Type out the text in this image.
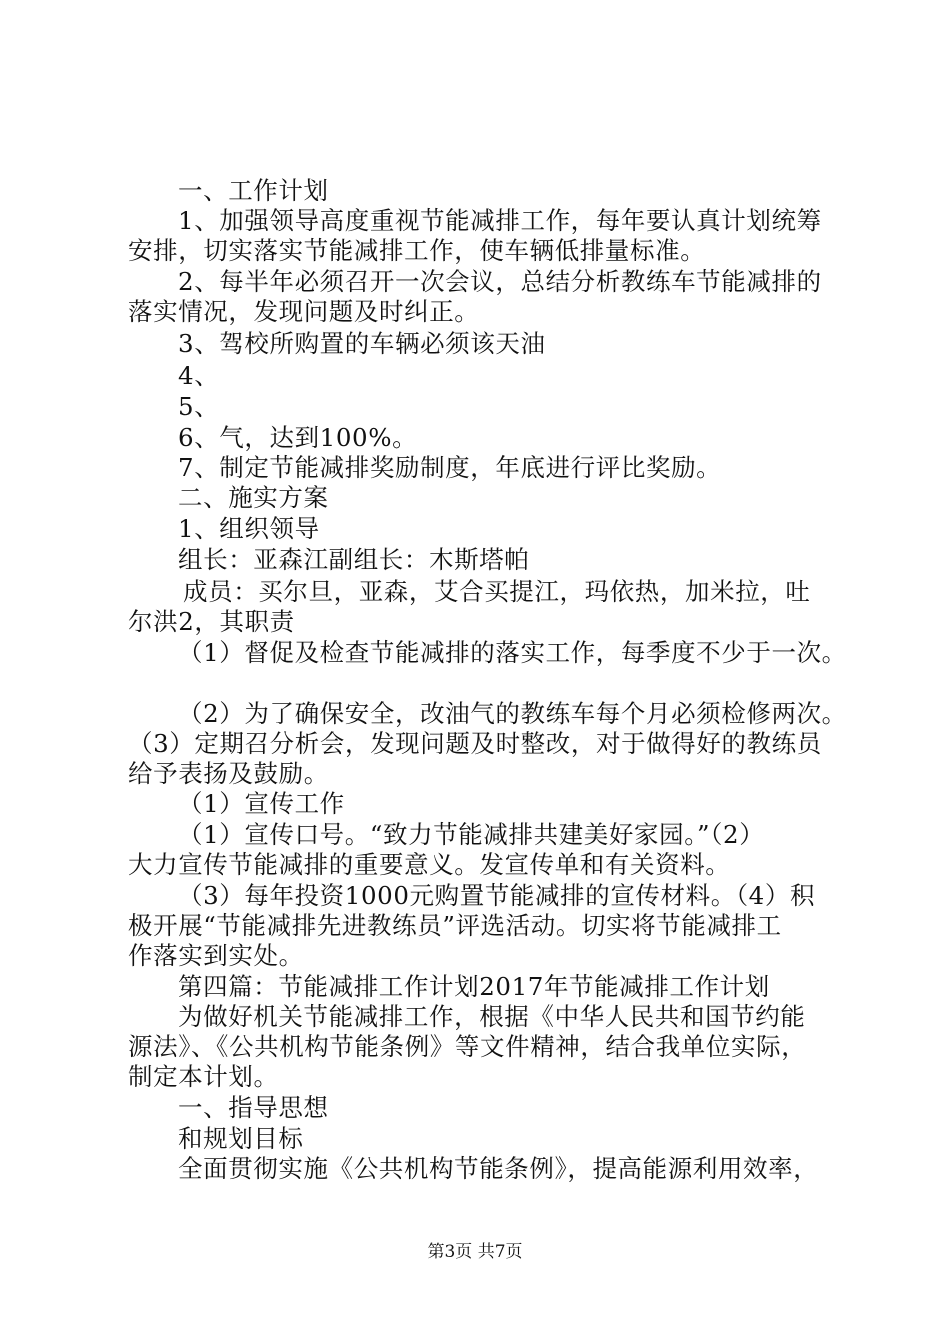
一、工作计划
1、加强领导高度重视节能减排工作，每年要认真计划统筹
安排，切实落实节能减排工作，使车辆低排量标准。
2、每半年必须召开一次会议，总结分析教练车节能减排的
落实情况，发现问题及时纠正。
3、驾校所购置的车辆必须该天油
4、
5、
6、气，达到100%。
7、制定节能减排奖励制度，年底进行评比奖励。
二、施实方案
1、组织领导
组长：亚森江副组长：木斯塔帕
成员：买尔旦，亚森，艾合买提江，玛依热，加米拉，吐
尔洪2，其职责
（1）督促及检查节能减排的落实工作，每季度不少于一次。
（2）为了确保安全，改油气的教练车每个月必须检修两次。
（3）定期召分析会，发现问题及时整改，对于做得好的教练员
给予表扬及鼓励。
（1）宣传工作
（1）宣传口号。“致力节能减排共建美好家园。”（2）
大力宣传节能减排的重要意义。发宣传单和有关资料。
（3）每年投资1000元购置节能减排的宣传材料。（4）积
极开展“节能减排先进教练员”评选活动。切实将节能减排工
作落实到实处。
第四篇：节能减排工作计划2017年节能减排工作计划
为做好机关节能减排工作，根据《中华人民共和国节约能
源法》、《公共机构节能条例》等文件精神，结合我单位实际，
制定本计划。
一、指导思想
和规划目标
全面贯彻实施《公共机构节能条例》，提高能源利用效率，
第3页 共7页
